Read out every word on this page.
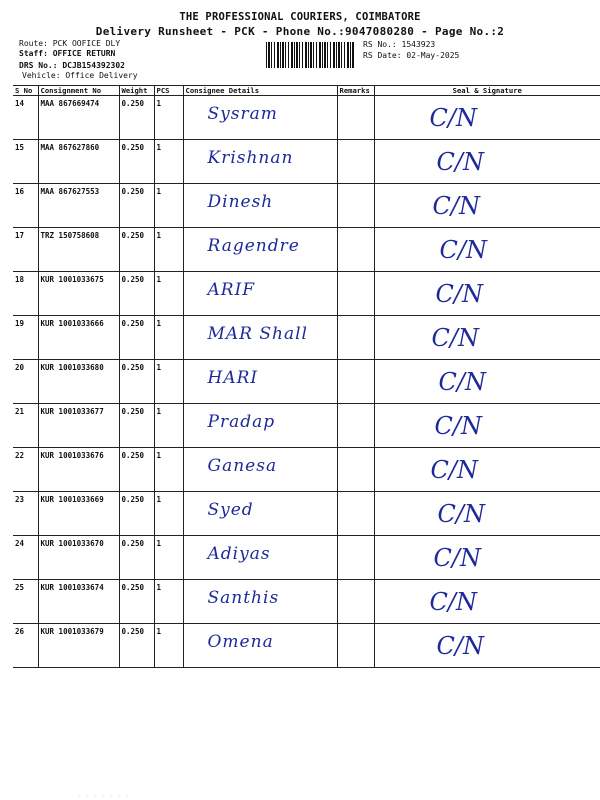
THE PROFESSIONAL COURIERS, COIMBATORE
Delivery Runsheet - PCK - Phone No.:9047080280 - Page No.:2
Route: PCK OOFICE DLY
Staff: OFFICE RETURN
DRS No.: DCJB154392302
Vehicle: Office Delivery
RS No.: 1543923
RS Date: 02-May-2025
S No	Consignment No	Weight	PCS	Consignee Details	Remarks	Seal & Signature
14	MAA 867669474	0.250	1	Sysram		C/N

15	MAA 867627860	0.250	1	Krishnan		C/N

16	MAA 867627553	0.250	1	Dinesh		C/N

17	TRZ 150758608	0.250	1	Ragendre		C/N

18	KUR 1001033675	0.250	1	ARIF		C/N

19	KUR 1001033666	0.250	1	MAR Shall		C/N

20	KUR 1001033680	0.250	1	HARI		C/N

21	KUR 1001033677	0.250	1	Pradap		C/N

22	KUR 1001033676	0.250	1	Ganesa		C/N

23	KUR 1001033669	0.250	1	Syed		C/N

24	KUR 1001033670	0.250	1	Adiyas		C/N

25	KUR 1001033674	0.250	1	Santhis		C/N

26	KUR 1001033679	0.250	1	Omena		C/N
· · · · · · ·
